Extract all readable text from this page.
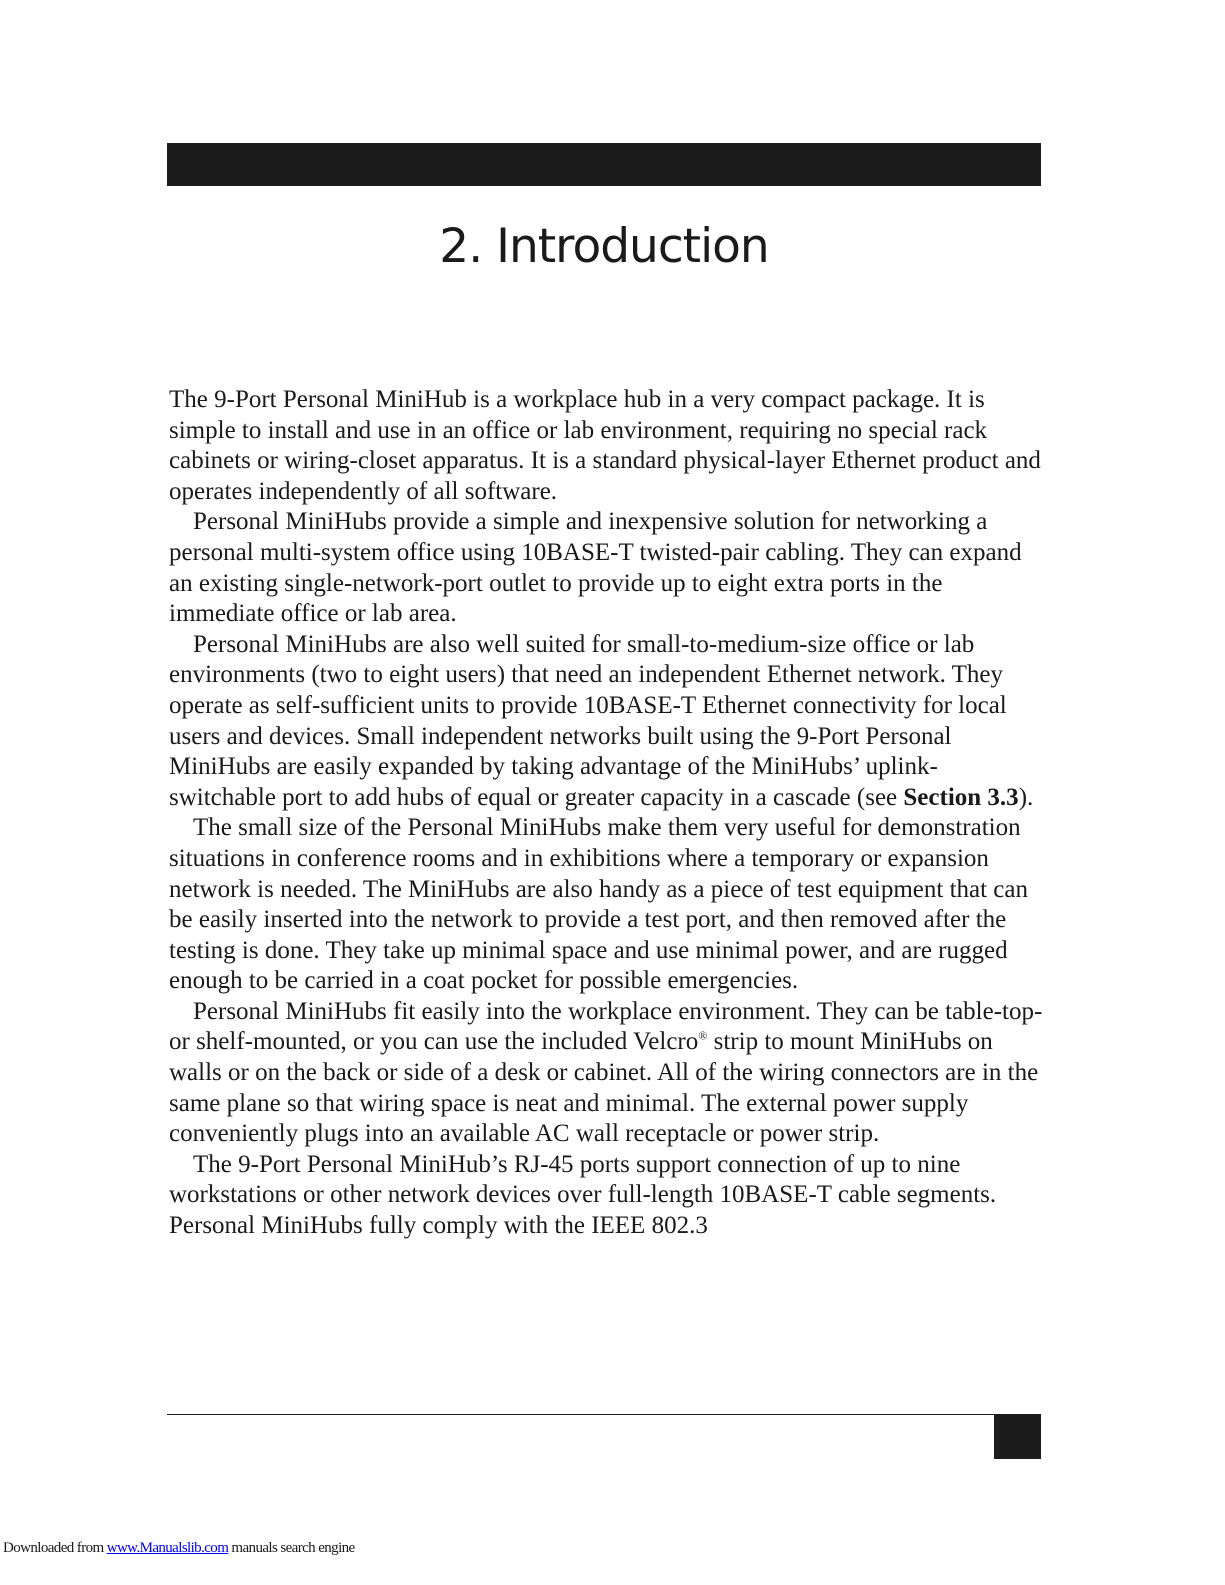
2. Introduction

The 9-Port Personal MiniHub is a workplace hub in a very compact package. It is simple to install and use in an office or lab environment, requiring no special rack cabinets or wiring-closet apparatus. It is a standard physical-layer Ethernet product and operates independently of all software.

Personal MiniHubs provide a simple and inexpensive solution for networking a personal multi-system office using 10BASE-T twisted-pair cabling. They can expand an existing single-network-port outlet to provide up to eight extra ports in the immediate office or lab area.

Personal MiniHubs are also well suited for small-to-medium-size office or lab environments (two to eight users) that need an independent Ethernet network. They operate as self-sufficient units to provide 10BASE-T Ethernet connectivity for local users and devices. Small independent networks built using the 9-Port Personal MiniHubs are easily expanded by taking advantage of the MiniHubs’ uplink-switchable port to add hubs of equal or greater capacity in a cascade (see Section 3.3).

The small size of the Personal MiniHubs make them very useful for demonstration situations in conference rooms and in exhibitions where a temporary or expansion network is needed. The MiniHubs are also handy as a piece of test equipment that can be easily inserted into the network to provide a test port, and then removed after the testing is done. They take up minimal space and use minimal power, and are rugged enough to be carried in a coat pocket for possible emergencies.

Personal MiniHubs fit easily into the workplace environment. They can be table-top- or shelf-mounted, or you can use the included Velcro® strip to mount MiniHubs on walls or on the back or side of a desk or cabinet. All of the wiring connectors are in the same plane so that wiring space is neat and minimal. The external power supply conveniently plugs into an available AC wall receptacle or power strip.

The 9-Port Personal MiniHub’s RJ-45 ports support connection of up to nine workstations or other network devices over full-length 10BASE-T cable segments. Personal MiniHubs fully comply with the IEEE 802.3

Downloaded from www.Manualslib.com manuals search engine
